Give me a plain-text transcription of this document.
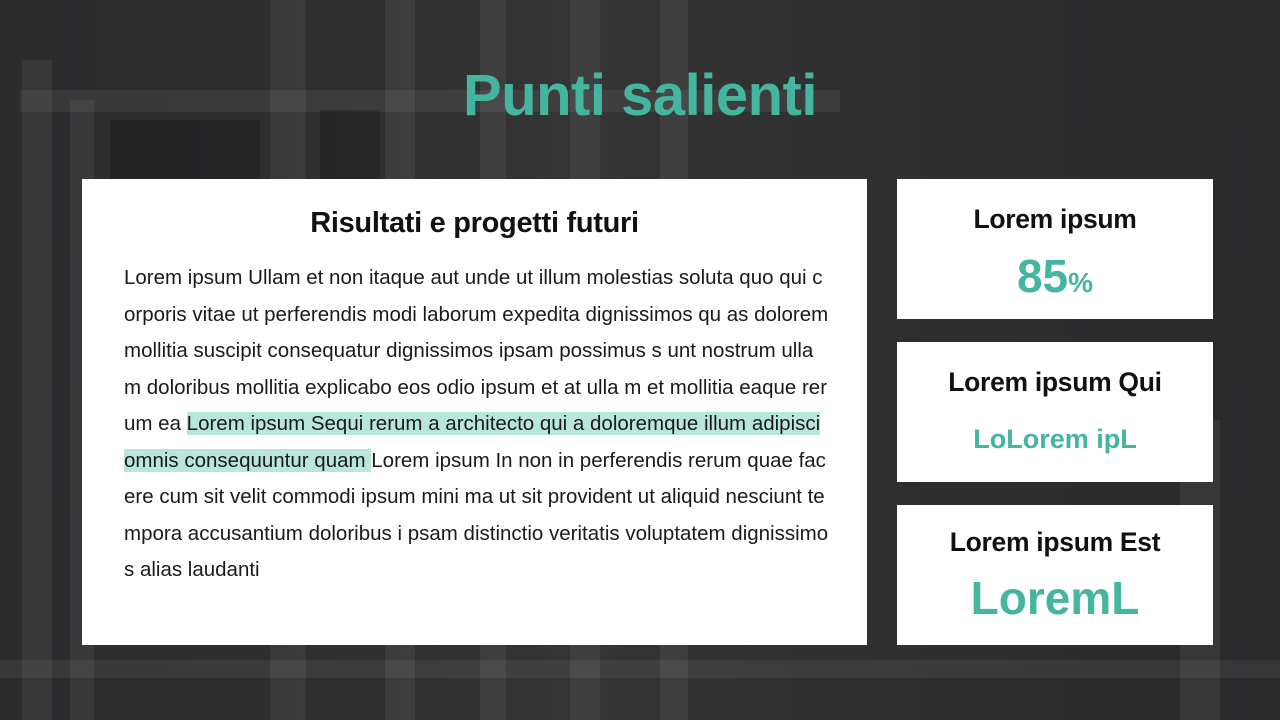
Punti salienti
Risultati e progetti futuri

Lorem ipsum Ullam et non itaque aut unde ut illum molestias soluta quo qui corporis vitae ut perferendis modi laborum expedita dignissimos qu as dolorem mollitia suscipit consequatur dignissimos ipsam possimus s unt nostrum ullam doloribus mollitia explicabo eos odio ipsum et at ulla m et mollitia eaque rerum ea Lorem ipsum Sequi rerum a architecto qui a doloremque illum adipisci omnis consequuntur quam Lorem ipsum In non in perferendis rerum quae facere cum sit velit commodi ipsum mini ma ut sit provident ut aliquid nesciunt tempora accusantium doloribus i psam distinctio veritatis voluptatem dignissimos alias laudanti

Lorem ipsum
85%
Lorem ipsum Qui
LoLorem ipL
Lorem ipsum Est
LoremL
